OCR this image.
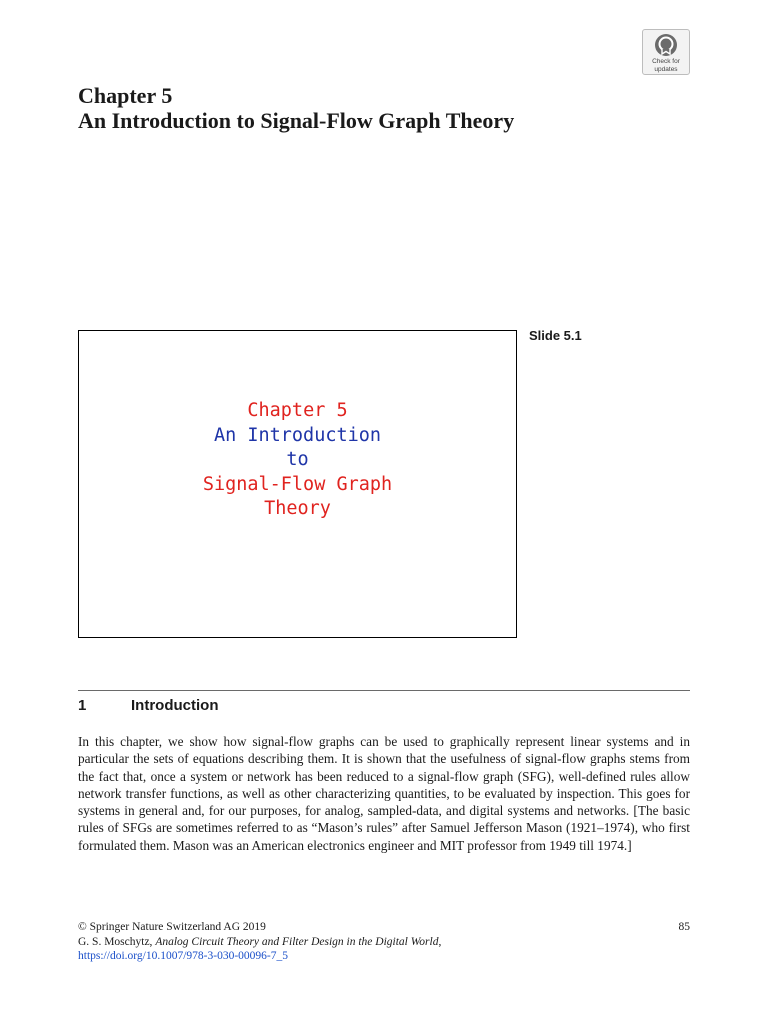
Check for
updates
Chapter 5
An Introduction to Signal-Flow Graph Theory
Slide 5.1
Chapter 5
An Introduction
to
Signal-Flow Graph
Theory
1	Introduction

In this chapter, we show how signal-flow graphs can be used to graphically represent linear systems and in particular the sets of equations describing them. It is shown that the usefulness of signal-flow graphs stems from the fact that, once a system or network has been reduced to a signal-flow graph (SFG), well-defined rules allow network transfer functions, as well as other characterizing quantities, to be evaluated by inspection. This goes for systems in general and, for our purposes, for analog, sampled-data, and digital systems and networks. [The basic rules of SFGs are sometimes referred to as “Mason’s rules” after Samuel Jefferson Mason (1921–1974), who first formulated them. Mason was an American electronics engineer and MIT professor from 1949 till 1974.]

© Springer Nature Switzerland AG 2019
G. S. Moschytz, Analog Circuit Theory and Filter Design in the Digital World,
https://doi.org/10.1007/978-3-030-00096-7_5
85
